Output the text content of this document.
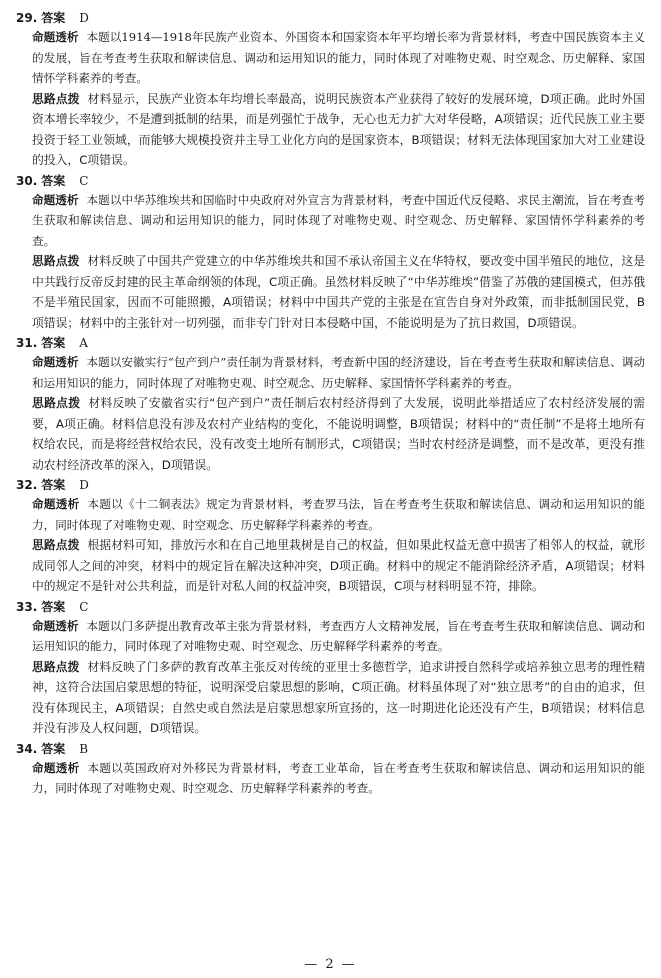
29. 答案 D

命题透析 本题以1914—1918年民族产业资本、外国资本和国家资本年平均增长率为背景材料，考查中国民族资本主义的发展，旨在考查考生获取和解读信息、调动和运用知识的能力，同时体现了对唯物史观、时空观念、历史解释、家国情怀学科素养的考查。

思路点拨 材料显示，民族产业资本年均增长率最高，说明民族资本产业获得了较好的发展环境，D项正确。此时外国资本增长率较少，不是遭到抵制的结果，而是列强忙于战争，无心也无力扩大对华侵略，A项错误；近代民族工业主要投资于轻工业领域，而能够大规模投资并主导工业化方向的是国家资本，B项错误；材料无法体现国家加大对工业建设的投入，C项错误。

30. 答案 C

命题透析 本题以中华苏维埃共和国临时中央政府对外宣言为背景材料，考查中国近代反侵略、求民主潮流，旨在考查考生获取和解读信息、调动和运用知识的能力，同时体现了对唯物史观、时空观念、历史解释、家国情怀学科素养的考查。

思路点拨 材料反映了中国共产党建立的中华苏维埃共和国不承认帝国主义在华特权，要改变中国半殖民的地位，这是中共践行反帝反封建的民主革命纲领的体现，C项正确。虽然材料反映了“中华苏维埃”借鉴了苏俄的建国模式，但苏俄不是半殖民国家，因而不可能照搬，A项错误；材料中中国共产党的主张是在宣告自身对外政策，而非抵制国民党，B项错误；材料中的主张针对一切列强，而非专门针对日本侵略中国，不能说明是为了抗日救国，D项错误。

31. 答案 A

命题透析 本题以安徽实行“包产到户”责任制为背景材料，考查新中国的经济建设，旨在考查考生获取和解读信息、调动和运用知识的能力，同时体现了对唯物史观、时空观念、历史解释、家国情怀学科素养的考查。

思路点拨 材料反映了安徽省实行“包产到户”责任制后农村经济得到了大发展，说明此举措适应了农村经济发展的需要，A项正确。材料信息没有涉及农村产业结构的变化，不能说明调整，B项错误；材料中的“责任制”不是将土地所有权给农民，而是将经营权给农民，没有改变土地所有制形式，C项错误；当时农村经济是调整，而不是改革，更没有推动农村经济改革的深入，D项错误。

32. 答案 D

命题透析 本题以《十二铜表法》规定为背景材料，考查罗马法，旨在考查考生获取和解读信息、调动和运用知识的能力，同时体现了对唯物史观、时空观念、历史解释学科素养的考查。

思路点拨 根据材料可知，排放污水和在自己地里栽树是自己的权益，但如果此权益无意中损害了相邻人的权益，就形成同邻人之间的冲突，材料中的规定旨在解决这种冲突，D项正确。材料中的规定不能消除经济矛盾，A项错误；材料中的规定不是针对公共利益，而是针对私人间的权益冲突，B项错误，C项与材料明显不符，排除。

33. 答案 C

命题透析 本题以门多萨提出教育改革主张为背景材料，考查西方人文精神发展，旨在考查考生获取和解读信息、调动和运用知识的能力，同时体现了对唯物史观、时空观念、历史解释学科素养的考查。

思路点拨 材料反映了门多萨的教育改革主张反对传统的亚里士多德哲学，追求讲授自然科学或培养独立思考的理性精神，这符合法国启蒙思想的特征，说明深受启蒙思想的影响，C项正确。材料虽体现了对“独立思考”的自由的追求，但没有体现民主，A项错误；自然史或自然法是启蒙思想家所宣扬的，这一时期进化论还没有产生，B项错误；材料信息并没有涉及人权问题，D项错误。

34. 答案 B

命题透析 本题以英国政府对外移民为背景材料，考查工业革命，旨在考查考生获取和解读信息、调动和运用知识的能力，同时体现了对唯物史观、时空观念、历史解释学科素养的考查。

— 2 —
